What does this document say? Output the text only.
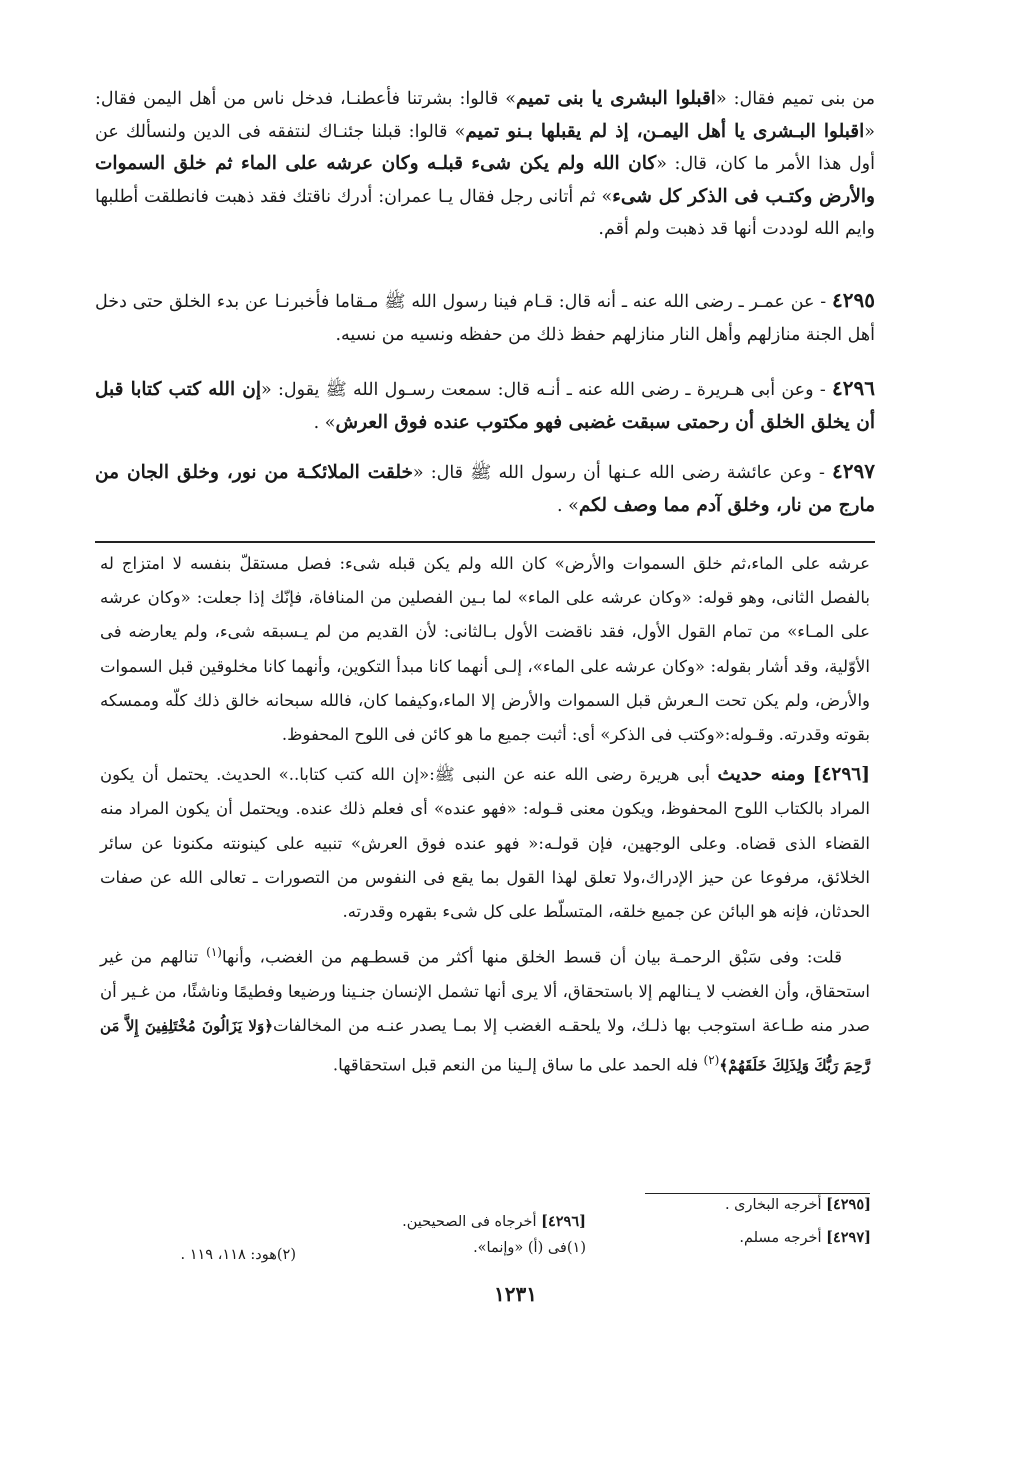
من بنى تميم فقال: «اقبلوا البشرى يا بنى تميم» قالوا: بشرتنا فأعطنـا، فدخل ناس من أهل اليمن فقال: «اقبلوا البـشرى يا أهل اليمـن، إذ لم يقبلها بـنو تميم» قالوا: قبلنا جئنـاك لنتفقه فى الدين ولنسألك عن أول هذا الأمر ما كان، قال: «كان الله ولم يكن شىء قبلـه وكان عرشه على الماء ثم خلق السموات والأرض وكتـب فى الذكر كل شىء» ثم أتانى رجل فقال يـا عمران: أدرك ناقتك فقد ذهبت فانطلقت أطلبها وايم الله لوددت أنها قد ذهبت ولم أقم.

٤٢٩٥ - عن عمـر ـ رضى الله عنه ـ أنه قال: قـام فينا رسول الله ﷺ مـقاما فأخبرنـا عن بدء الخلق حتى دخل أهل الجنة منازلهم وأهل النار منازلهم حفظ ذلك من حفظه ونسيه من نسيه.

٤٢٩٦ - وعن أبى هـريرة ـ رضى الله عنه ـ أنـه قال: سمعت رسـول الله ﷺ يقول: «إن الله كتب كتابا قبل أن يخلق الخلق أن رحمتى سبقت غضبى فهو مكتوب عنده فوق العرش» .

٤٢٩٧ - وعن عائشة رضى الله عـنها أن رسول الله ﷺ قال: «خلقت الملائكـة من نور، وخلق الجان من مارج من نار، وخلق آدم مما وصف لكم» .

عرشه على الماء،ثم خلق السموات والأرض» كان الله ولم يكن قبله شىء: فصل مستقلّ بنفسه لا امتزاج له بالفصل الثانى، وهو قوله: «وكان عرشه على الماء» لما بـين الفصلين من المنافاة، فإنّك إذا جعلت: «وكان عرشه على المـاء» من تمام القول الأول، فقد ناقضت الأول بـالثانى: لأن القديم من لم يـسبقه شىء، ولم يعارضه فى الأوّلية، وقد أشار بقوله: «وكان عرشه على الماء»، إلـى أنهما كانا مبدأ التكوين، وأنهما كانا مخلوقين قبل السموات والأرض، ولم يكن تحت الـعرش قبل السموات والأرض إلا الماء،وكيفما كان، فالله سبحانه خالق ذلك كلّه وممسكه بقوته وقدرته. وقـوله:«وكتب فى الذكر» أى: أثبت جميع ما هو كائن فى اللوح المحفوظ.

[٤٢٩٦] ومنه حديث أبى هريرة رضى الله عنه عن النبى ﷺ:«إن الله كتب كتابا..» الحديث. يحتمل أن يكون المراد بالكتاب اللوح المحفوظ، ويكون معنى قـوله: «فهو عنده» أى فعلم ذلك عنده. ويحتمل أن يكون المراد منه القضاء الذى قضاه. وعلى الوجهين، فإن قولـه:« فهو عنده فوق العرش» تنبيه على كينونته مكنونا عن سائر الخلائق، مرفوعا عن حيز الإدراك،ولا تعلق لهذا القول بما يقع فى النفوس من التصورات ـ تعالى الله عن صفات الحدثان، فإنه هو البائن عن جميع خلقه، المتسلّط على كل شىء بقهره وقدرته.

قلت: وفى سَبْق الرحمـة بيان أن قسط الخلق منها أكثر من قسطـهم من الغضب، وأنها$^{(١)}$ تنالهم من غير استحقاق، وأن الغضب لا يـنالهم إلا باستحقاق، ألا يرى أنها تشمل الإنسان جنـينا ورضيعا وفطيمًا وناشئًا، من غـير أن صدر منه طـاعة استوجب بها ذلـك، ولا يلحقـه الغضب إلا بمـا يصدر عنـه من المخالفات﴿وَلا يَزَالُونَ مُخْتَلِفِينَ إِلاَّ مَن رَّحِمَ رَبُّكَ وَلِذَلِكَ خَلَقَهُمْ﴾$^{(٢)}$ فله الحمد على ما ساق إلـينا من النعم قبل استحقاقها.

[٤٢٩٥] أخرجه البخارى .
[٤٢٩٧] أخرجه مسلم.
[٤٢٩٦] أخرجاه فى الصحيحين.
(١)فى (أ) «وإنما».
(٢)هود: ١١٨، ١١٩ .
١٢٣١
